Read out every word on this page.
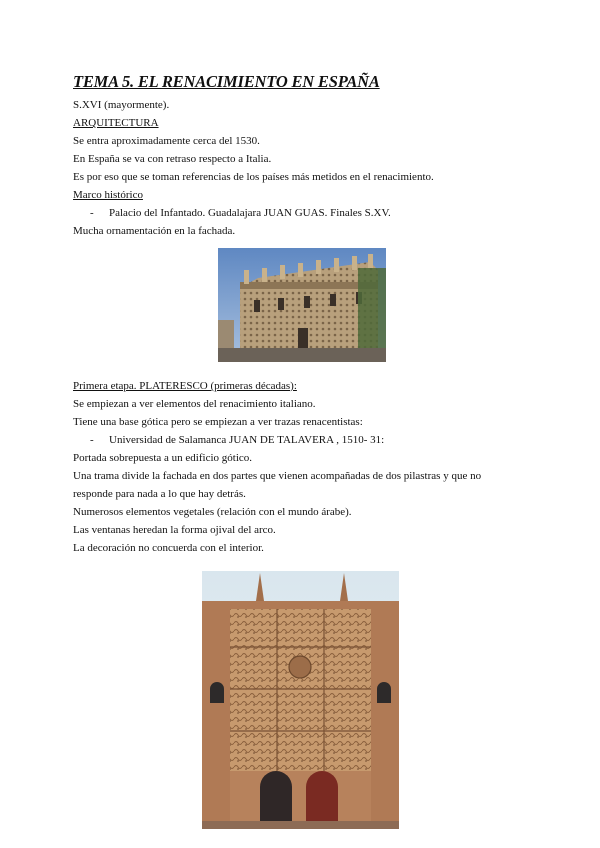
TEMA 5. EL RENACIMIENTO EN ESPAÑA

S.XVI (mayormente).

ARQUITECTURA

Se entra aproximadamente cerca del 1530.

En España se va con retraso respecto a Italia.

Es por eso que se toman referencias de los países más metidos en el renacimiento.

Marco histórico

- Palacio del Infantado. Guadalajara JUAN GUAS. Finales S.XV.

Mucha ornamentación en la fachada.

Primera etapa. PLATERESCO (primeras décadas):

Se empiezan a ver elementos del renacimiento italiano.

Tiene una base gótica pero se empiezan a ver trazas renacentistas:

- Universidad de Salamanca JUAN DE TALAVERA , 1510- 31:

Portada sobrepuesta a un edificio gótico.

Una trama divide la fachada en dos partes que vienen acompañadas de dos pilastras y que no

responde para nada a lo que hay detrás.

Numerosos elementos vegetales (relación con el mundo árabe).

Las ventanas heredan la forma ojival del arco.

La decoración no concuerda con el interior.
